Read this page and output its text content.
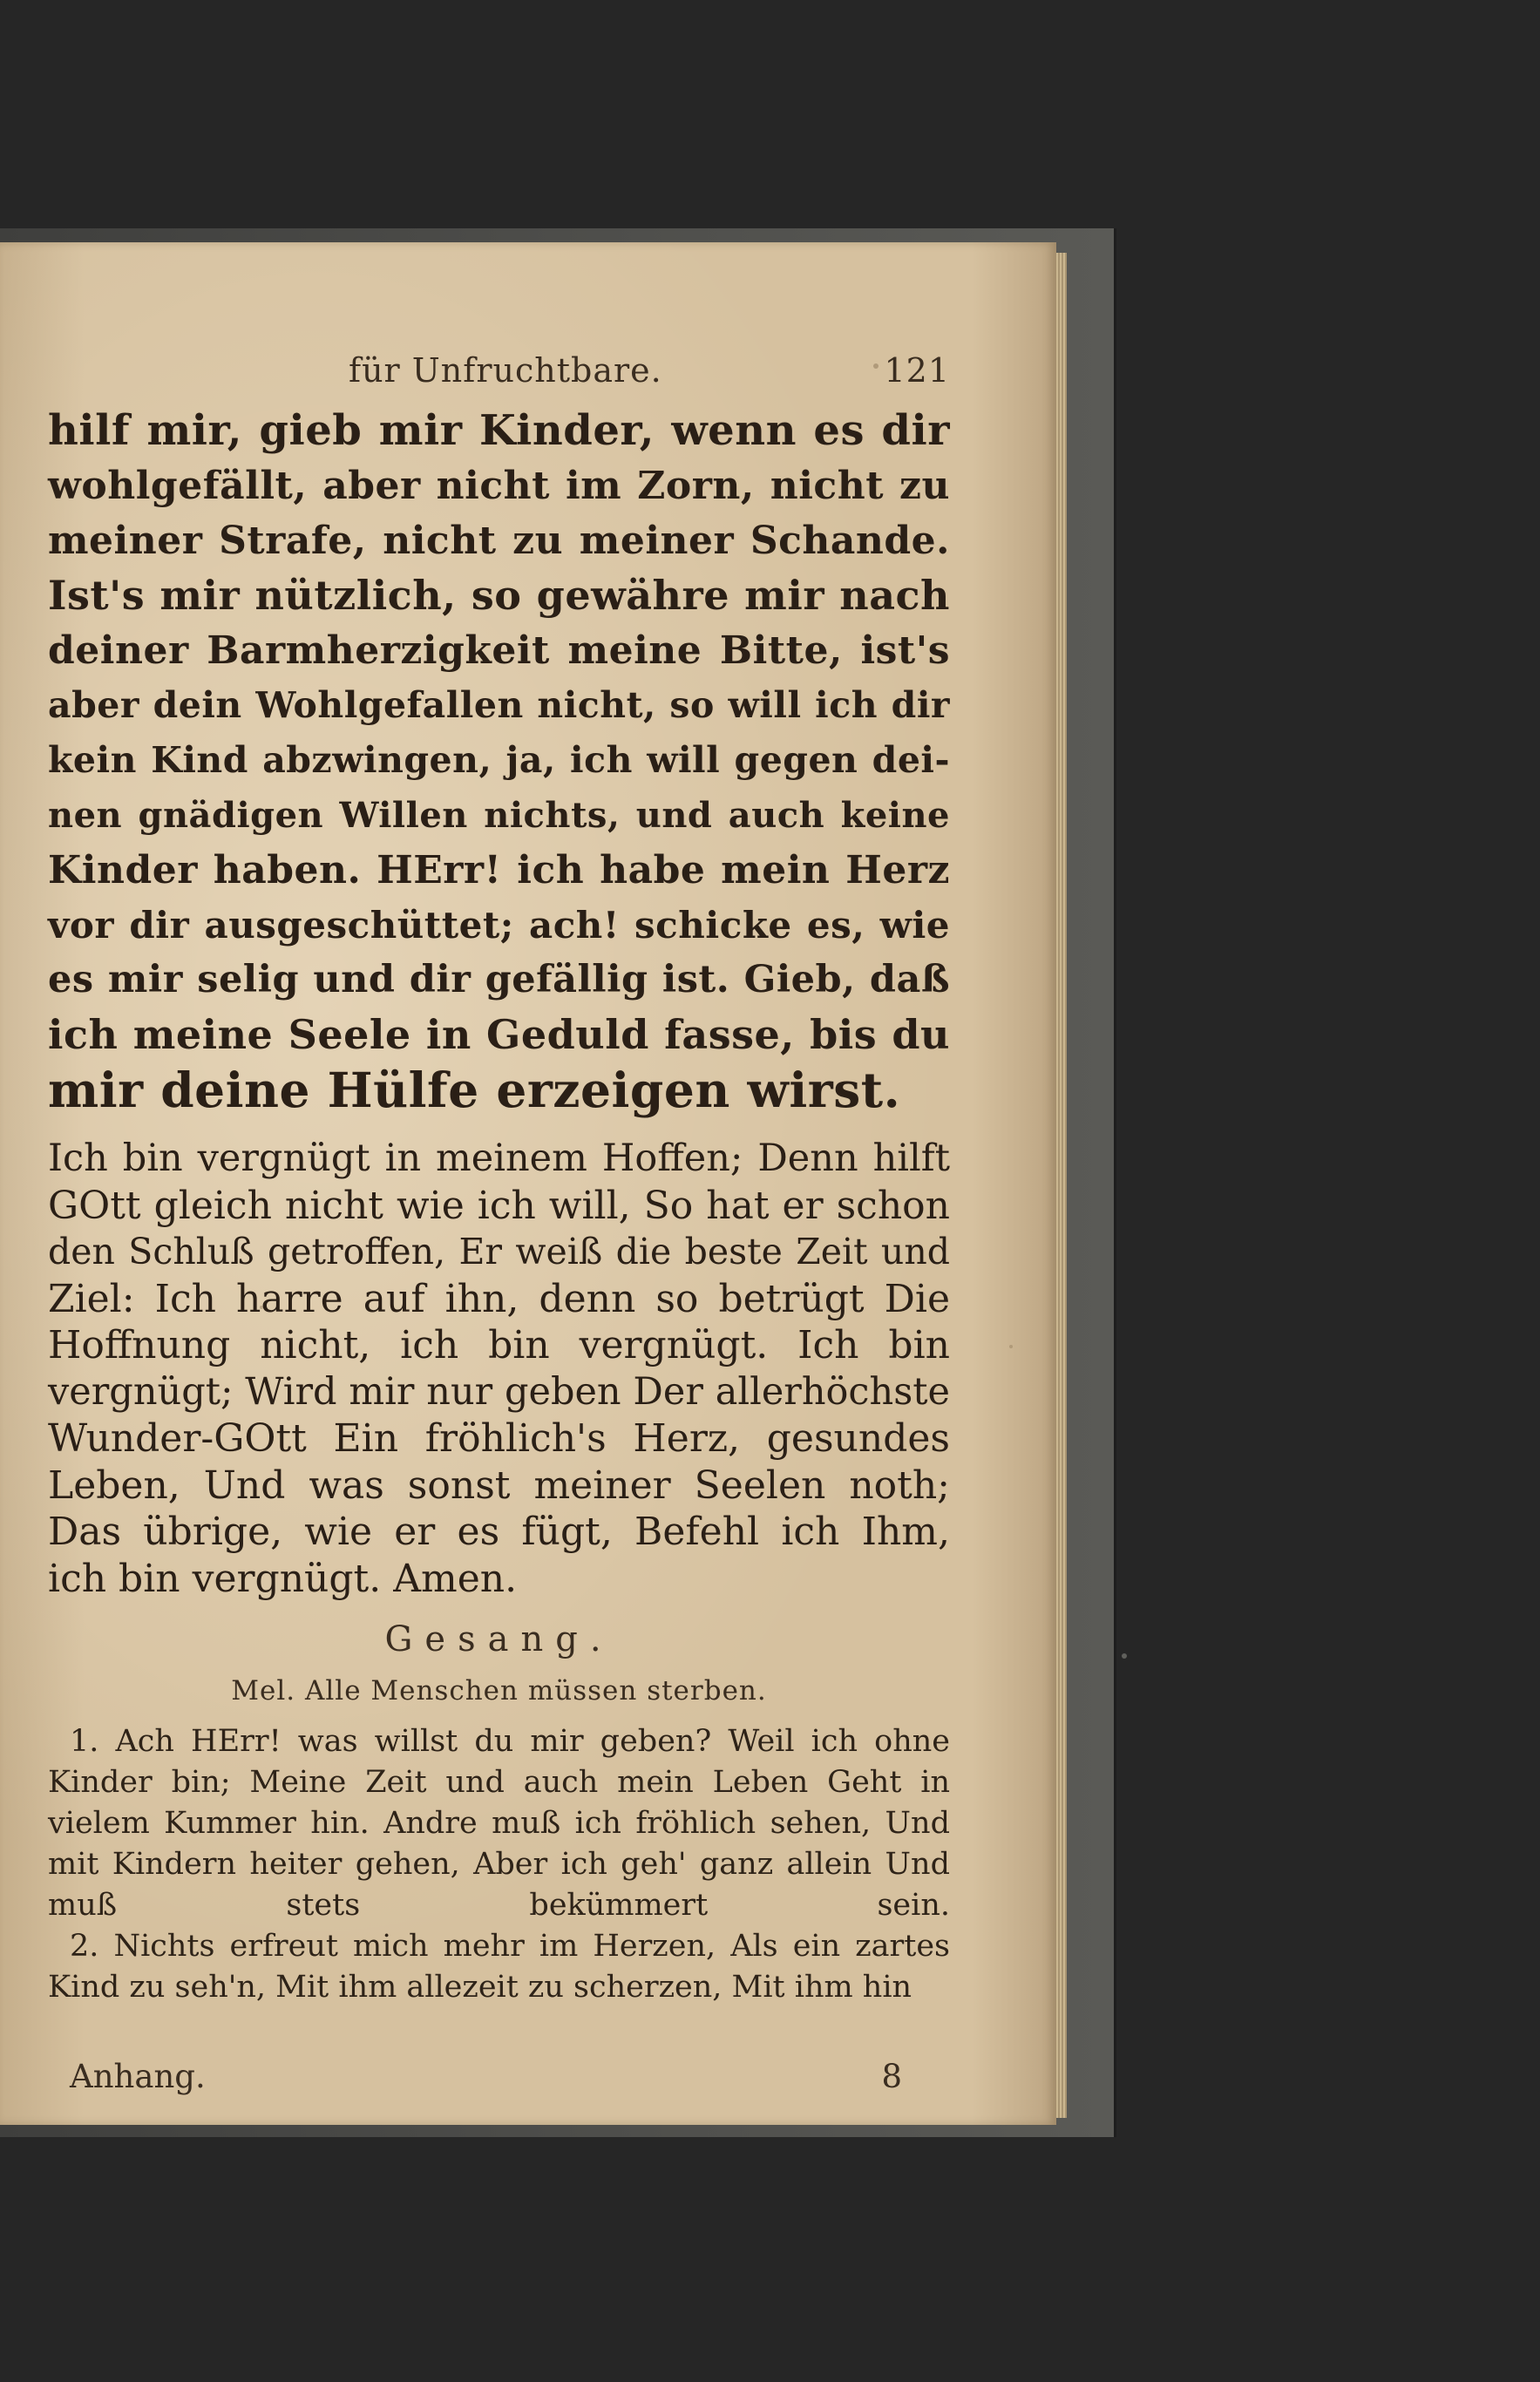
für Unfruchtbare.	121
hilf mir, gieb mir Kinder, wenn es dir
wohlgefällt, aber nicht im Zorn, nicht zu
meiner Strafe, nicht zu meiner Schande.
Ist's mir nützlich, so gewähre mir nach
deiner Barmherzigkeit meine Bitte, ist's
aber dein Wohlgefallen nicht, so will ich dir
kein Kind abzwingen, ja, ich will gegen dei-
nen gnädigen Willen nichts, und auch keine
Kinder haben. HErr! ich habe mein Herz
vor dir ausgeschüttet; ach! schicke es, wie
es mir selig und dir gefällig ist. Gieb, daß
ich meine Seele in Geduld fasse, bis du
mir deine Hülfe erzeigen wirst.
Ich bin vergnügt in meinem Hoffen; Denn hilft
GOtt gleich nicht wie ich will, So hat er schon
den Schluß getroffen, Er weiß die beste Zeit und
Ziel: Ich harre auf ihn, denn so betrügt Die
Hoffnung nicht, ich bin vergnügt. Ich bin
vergnügt; Wird mir nur geben Der allerhöchste
Wunder-GOtt Ein fröhlich's Herz, gesundes
Leben, Und was sonst meiner Seelen noth;
Das übrige, wie er es fügt, Befehl ich Ihm,
ich bin vergnügt. Amen.
Gesang.
Mel. Alle Menschen müssen sterben.
1. Ach HErr! was willst du mir geben? Weil ich ohne
Kinder bin; Meine Zeit und auch mein Leben Geht in
vielem Kummer hin. Andre muß ich fröhlich sehen, Und
mit Kindern heiter gehen, Aber ich geh' ganz allein Und
muß stets bekümmert sein.
2. Nichts erfreut mich mehr im Herzen, Als ein zartes
Kind zu seh'n, Mit ihm allezeit zu scherzen, Mit ihm hin
Anhang.	8
